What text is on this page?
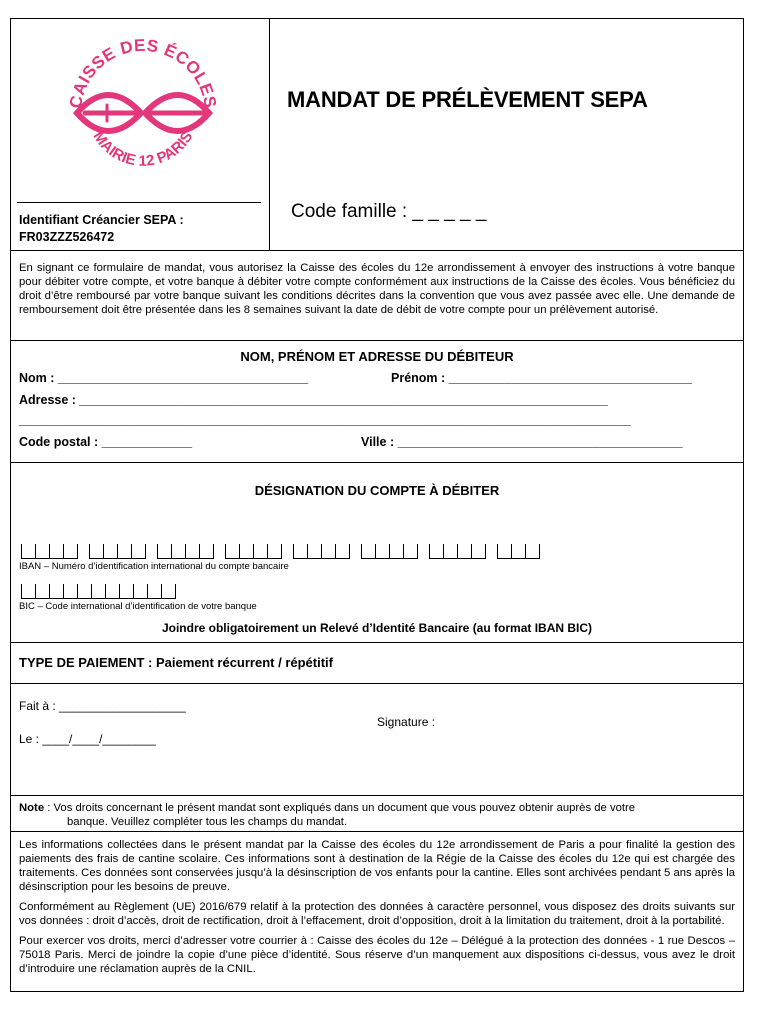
CAISSE DES ÉCOLES
MAIRIE 12 PARIS
Identifiant Créancier SEPA :
FR03ZZZ526472
MANDAT DE PRÉLÈVEMENT SEPA
Code famille : _ _ _ _ _
En signant ce formulaire de mandat, vous autorisez la Caisse des écoles du 12e arrondissement à envoyer des instructions à votre banque pour débiter votre compte, et votre banque à débiter votre compte conformément aux instructions de la Caisse des écoles. Vous bénéficiez du droit d’être remboursé par votre banque suivant les conditions décrites dans la convention que vous avez passée avec elle. Une demande de remboursement doit être présentée dans les 8 semaines suivant la date de débit de votre compte pour un prélèvement autorisé.
NOM, PRÉNOM ET ADRESSE DU DÉBITEUR
Nom : ____________________________________	Prénom : ___________________________________
Adresse : ____________________________________________________________________________
________________________________________________________________________________________
Code postal : _____________	Ville : _________________________________________
DÉSIGNATION DU COMPTE À DÉBITER
IBAN – Numéro d’identification international du compte bancaire
BIC – Code international d’identification de votre banque
Joindre obligatoirement un Relevé d’Identité Bancaire (au format IBAN BIC)
TYPE DE PAIEMENT : Paiement récurrent / répétitif
Fait à : ___________________
Le : ____/____/________
Signature :
Note : Vos droits concernant le présent mandat sont expliqués dans un document que vous pouvez obtenir auprès de votre
banque. Veuillez compléter tous les champs du mandat.
Les informations collectées dans le présent mandat par la Caisse des écoles du 12e arrondissement de Paris a pour finalité la gestion des paiements des frais de cantine scolaire. Ces informations sont à destination de la Régie de la Caisse des écoles du 12e qui est chargée des traitements. Ces données sont conservées jusqu’à la désinscription de vos enfants pour la cantine. Elles sont archivées pendant 5 ans après la désinscription pour les besoins de preuve.
Conformément au Règlement (UE) 2016/679 relatif à la protection des données à caractère personnel, vous disposez des droits suivants sur vos données : droit d’accès, droit de rectification, droit à l’effacement, droit d’opposition, droit à la limitation du traitement, droit à la portabilité.
Pour exercer vos droits, merci d’adresser votre courrier à : Caisse des écoles du 12e – Délégué à la protection des données - 1 rue Descos – 75018 Paris. Merci de joindre la copie d’une pièce d’identité. Sous réserve d’un manquement aux dispositions ci-dessus, vous avez le droit d’introduire une réclamation auprès de la CNIL.
